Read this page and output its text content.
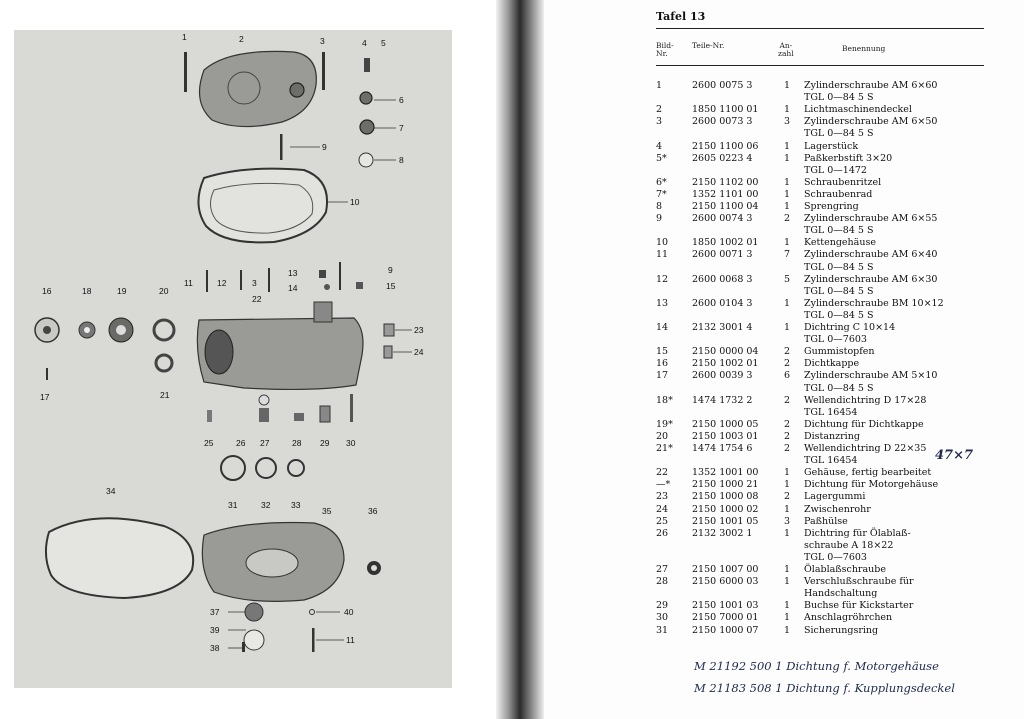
1	2	3	4 5
6
7
8
9
10
11	12	3
13	9
14	15
16	18	19	20
22
23
24
17	21
25	26 27	28 29 30
34
31	32 33
35	36
37	40
39
38
11
Tafel 13
Bild-
Nr.
Teile-Nr.	An-
zahl
Benennung
1	2600 0075 3	1 Zylinderschraube AM 6×60
TGL 0—84 5 S
2	1850 1100 01	1 Lichtmaschinendeckel
3	2600 0073 3	3 Zylinderschraube AM 6×50
TGL 0—84 5 S
4	2150 1100 06	1 Lagerstück
5*	2605 0223 4	1 Paßkerbstift 3×20
TGL 0—1472
6*	2150 1102 00	1 Schraubenritzel
7*	1352 1101 00	1 Schraubenrad
8	2150 1100 04	1 Sprengring
9	2600 0074 3	2 Zylinderschraube AM 6×55
TGL 0—84 5 S
10	1850 1002 01	1 Kettengehäuse
11	2600 0071 3	7 Zylinderschraube AM 6×40
TGL 0—84 5 S
12	2600 0068 3	5 Zylinderschraube AM 6×30
TGL 0—84 5 S
13	2600 0104 3	1 Zylinderschraube BM 10×12
TGL 0—84 5 S
14	2132 3001 4	1 Dichtring C 10×14
TGL 0—7603
15	2150 0000 04	2 Gummistopfen
16	2150 1002 01	2 Dichtkappe
17	2600 0039 3	6 Zylinderschraube AM 5×10
TGL 0—84 5 S
18*	1474 1732 2	2 Wellendichtring D 17×28
TGL 16454
19*	2150 1000 05	2 Dichtung für Dichtkappe
20	2150 1003 01	2 Distanzring
21*	1474 1754 6	2 Wellendichtring D 22×35
TGL 16454
22	1352 1001 00	1 Gehäuse, fertig bearbeitet
—*	2150 1000 21	1 Dichtung für Motorgehäuse
23	2150 1000 08	2 Lagergummi
24	2150 1000 02	1 Zwischenrohr
25	2150 1001 05	3 Paßhülse
26	2132 3002 1	1 Dichtring für Ölablaß-
schraube A 18×22
TGL 0—7603
27	2150 1007 00	1 Ölablaßschraube
28	2150 6000 03	1 Verschlußschraube für
Handschaltung
29	2150 1001 03	1 Buchse für Kickstarter
30	2150 7000 01	1 Anschlagröhrchen
31	2150 1000 07	1 Sicherungsring
47×7
M 21192 500 1 Dichtung f. Motorgehäuse
M 21183 508 1 Dichtung f. Kupplungsdeckel
